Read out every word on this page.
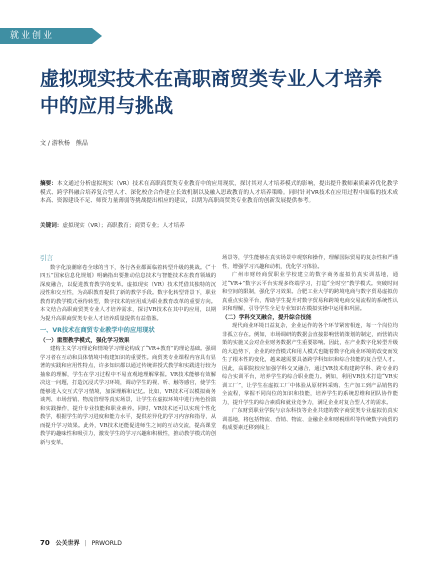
就业创业
虚拟现实技术在高职商贸类专业人才培养中的应用与挑战
文 / 游秋杨　熊晶
摘要：本文通过分析虚拟现实（VR）技术在高职商贸类专业教育中的应用现状，探讨其对人才培养模式的影响，提出提升教师素质素养优化教学模式、跨学科融合培养复合型人才、深化校企合作建立长效机制以及融入思政教育的人才培养策略。同时针对VR技术在应用过程中面临的技术成本高、资源建设不足、师资力量薄弱等挑战提出相应的建议，以期为高职商贸类专业教育的创新发展提供参考。
关键词：虚拟现实（VR）；高职教育；商贸专业；人才培养
引言

数字化浪潮席卷全球的当下，各行各业都面临着转型升级的挑战。《“十四五”国家信息化规划》明确指出要推动信息技术与智能技术在教育领域的深度融合，以促进教育教学的变革。虚拟现实（VR）技术凭借其独特的沉浸性和交互性，为高职教育提供了新的教学手段。数字化转型背景下，职业教育的教学模式亟待转型，数字技术的应用成为职业教育改革的重要方向。本文结合高职商贸类专业人才培养需求，探讨VR技术在其中的应用，以期为提升高职商贸类专业人才培养质量提供有益借鉴。

一、VR技术在商贸专业教学中的应用现状

（一）重塑教学模式，强化学习效果

建构主义学习理论和情境学习理论构成了“VR+教育”的理论基础。强调学习者在互动和具体情境中构建知识的重要性。商贸类专业课程内容具有显著的实践和应用性特点，许多知识都以通过传统讲授式教学和实践进行较为抽象的理解，学生在学习过程中不易直观地理解掌握。VR技术能够有效解决这一问题，打造沉浸式学习环境，调动学生的视、听、触等感官，使学生能够进入交互式学习情境，加深理解和记忆。比如，VR技术可以模拟商务谈判、市场营销、物流管理等真实场景，让学生在虚拟环境中进行角色扮演和实践操作，提升专业技能和职业素养。同时，VR技术还可以实现个性化教学，根据学生的学习进度和能力水平，提供差异化的学习内容和指导，从而提升学习效果。此外，VR技术还能促进师生之间的互动交流，提高课堂教学的趣味性和吸引力，激发学生的学习兴趣和积极性，推动教学模式的创新与变革。

场景等，学生能够在真实场景中观察和操作，理解国际贸易的复杂性和严谨性，增强学习兴趣和动机，优化学习体验。

广州市财经商贸职业学校建立的数字商务虚拟仿真实训基地，通过“VR+”数字云平台实现多终端学习，打造“全时空”教学模式。突破时间和空间的限制，强化学习效果。合肥工业大学的跨境电商与数字贸易虚拟仿真重点实验平台，帮助学生提升对数字贸易和跨境电商交易流程的系统性认识和理解，引导学生全足专业知识在模拟实操中运用和巩固。

（二）学科交叉融合，提升综合技能

现代商业环境日益复杂，企业运作的各个环节紧密相连，每一个岗位均非孤立存在。例如，市场调研的数据会直接影响营销策划的制定，而营销决策的实施又会对企业财务数据产生重要影响。因此，在产业数字化转型升级的大趋势下，企业的经营模式和用人模式也随着数字化商业环境的改变而发生了根本性的变化，越来越需要具备跨学科知识和综合技能的复合型人才。因此，高职院校应加强学科交叉融合，通过VR技术构建跨学科、跨专业的综合实训平台，培养学生的综合职业能力。例如，利用VR技术打造“VR实训工厂”，让学生在虚拟工厂中体验从原材料采购、生产加工到产品销售的全流程，掌握不同岗位的知识和技能，培养学生的系统思维和团队协作能力，提升学生的综合素质和就业竞争力，满足企业对复合型人才的需求。

广东财贸职业学院与京东科技等企业共建的数字商贸类专业虚拟仿真实训基地，将包括物流、营销、物流、金融企业和财税组织等传统数字商贸的构成要素迁移到线上

70 公关世界 | PRWORLD
